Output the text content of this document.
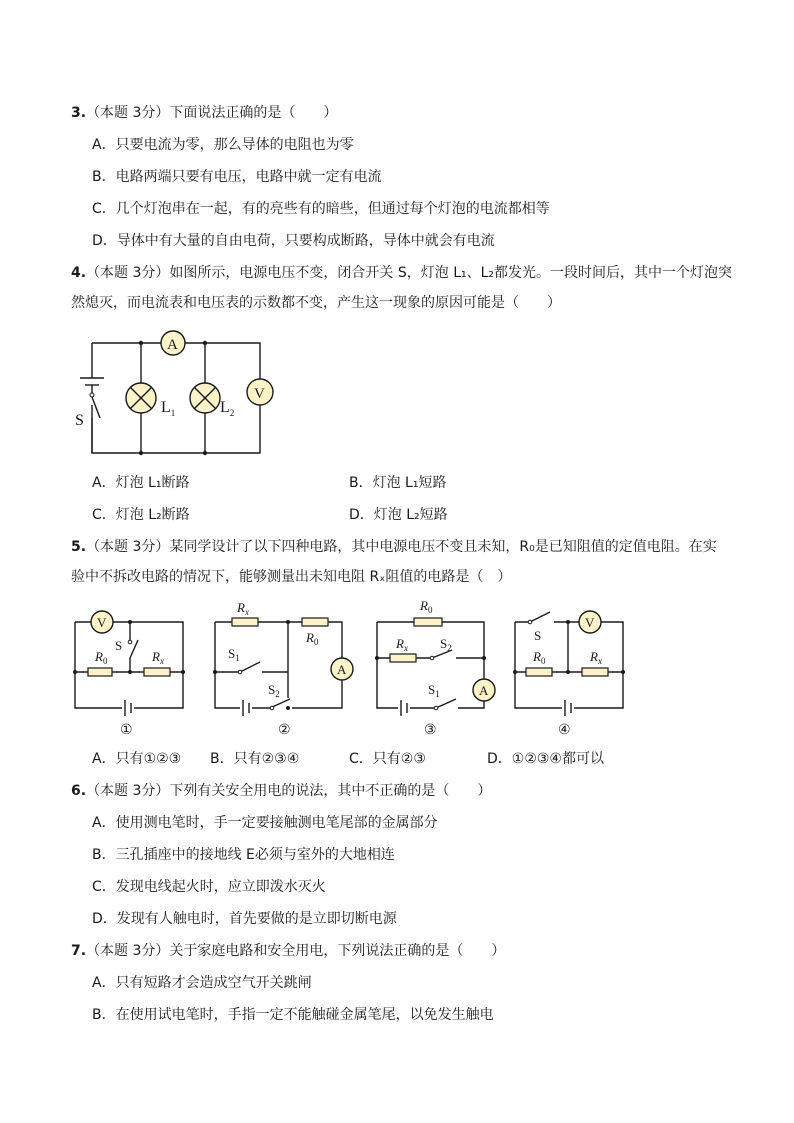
3.（本题 3分）下面说法正确的是（　　）
A．只要电流为零，那么导体的电阻也为零
B．电路两端只要有电压，电路中就一定有电流
C．几个灯泡串在一起，有的亮些有的暗些，但通过每个灯泡的电流都相等
D．导体中有大量的自由电荷，只要构成断路，导体中就会有电流
4.（本题 3分）如图所示，电源电压不变，闭合开关 S，灯泡 L₁、L₂都发光。一段时间后，其中一个灯泡突
然熄灭，而电流表和电压表的示数都不变，产生这一现象的原因可能是（　　）
S
$L_1$
A
$L_2$
V
A．灯泡 L₁断路	B．灯泡 L₁短路
C．灯泡 L₂断路	D．灯泡 L₂短路
5.（本题 3分）某同学设计了以下四种电路，其中电源电压不变且未知，R₀是已知阻值的定值电阻。在实
验中不拆改电路的情况下，能够测量出未知电阻 Rₓ阻值的电路是（　）
V
$R_0$	$R_x$
S
①
$R_x$
$R_0$
A
$S_1$
$S_2$
②
$R_0$
$R_x$ $S_2$
A
$S_1$
③
S
V
$R_0$	$R_x$
④
A．只有①②③ B．只有②③④	C．只有②③	D．①②③④都可以
6.（本题 3分）下列有关安全用电的说法，其中不正确的是（　　）
A．使用测电笔时，手一定要接触测电笔尾部的金属部分
B．三孔插座中的接地线 E必须与室外的大地相连
C．发现电线起火时，应立即泼水灭火
D．发现有人触电时，首先要做的是立即切断电源
7.（本题 3分）关于家庭电路和安全用电，下列说法正确的是（　　）
A．只有短路才会造成空气开关跳闸
B．在使用试电笔时，手指一定不能触碰金属笔尾，以免发生触电
